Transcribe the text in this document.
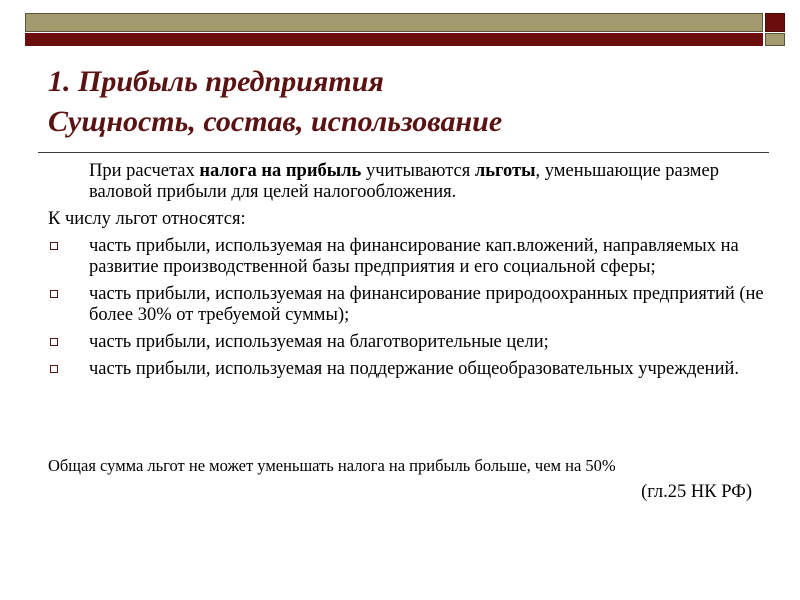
1. Прибыль предприятия
Сущность, состав, использование
При расчетах налога на прибыль учитываются льготы, уменьшающие размер валовой прибыли для целей налогообложения.
К числу льгот относятся:
часть прибыли, используемая на финансирование кап.вложений, направляемых на развитие производственной базы предприятия и его социальной сферы;
часть прибыли, используемая на финансирование природоохранных предприятий (не более 30% от требуемой суммы);
часть прибыли, используемая на благотворительные цели;
часть прибыли, используемая на поддержание общеобразовательных учреждений.
Общая сумма льгот не может уменьшать налога на прибыль больше, чем на 50%
(гл.25 НК РФ)
